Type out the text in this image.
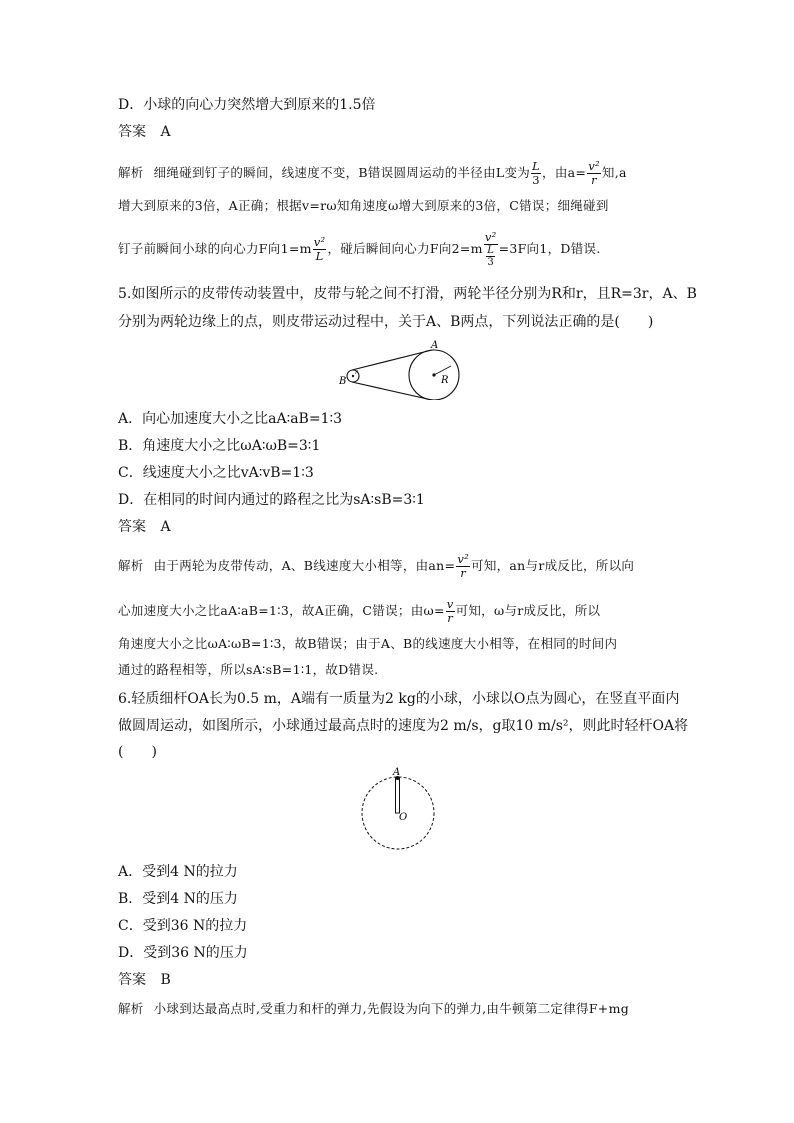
D．小球的向心力突然增大到原来的1.5倍
答案 A
解析 细绳碰到钉子的瞬间，线速度不变，B错误圆周运动的半径由L变为 $\frac{L}{3}$ ，由$a= \frac{\text{v²}}{r}$ 知,a
增大到原来的3倍，A正确；根据v=rω知角速度ω增大到原来的3倍，C错误；细绳碰到
钉子前瞬间小球的向心力F向$1=m \frac{\text{v²}}{L}$ ，碰后瞬间向心力F向$2=m \frac{\text{v²}}{\frac{L}{3}} =3F$向1，D错误.
5.如图所示的皮带传动装置中，皮带与轮之间不打滑，两轮半径分别为R和r，且R=3r，A、B
分别为两轮边缘上的点，则皮带运动过程中，关于A、B两点，下列说法正确的是(　　)
A
B	R
r
A．向心加速度大小之比aA∶aB=1∶3
B．角速度大小之比ωA∶ωB=3∶1
C．线速度大小之比vA∶vB=1∶3
D．在相同的时间内通过的路程之比为sA∶sB=3∶1
答案 A
解析 由于两轮为皮带传动，A、B线速度大小相等，由$an= \frac{\text{v²}}{r}$ 可知，an与r成反比，所以向
心加速度大小之比aA∶aB=1∶3，故A正确，C错误；由$\omega= \frac{v}{r}$ 可知，ω与r成反比，所以
角速度大小之比ωA∶ωB=1∶3，故B错误；由于A、B的线速度大小相等，在相同的时间内
通过的路程相等，所以sA∶sB=1∶1，故D错误.
6.轻质细杆OA长为0.5 m，A端有一质量为2 kg的小球，小球以O点为圆心，在竖直平面内
做圆周运动，如图所示，小球通过最高点时的速度为2 m/s，g取10 m/s²，则此时轻杆OA将
(　　)
A
O
A．受到4 N的拉力
B．受到4 N的压力
C．受到36 N的拉力
D．受到36 N的压力
答案 B
解析 小球到达最高点时,受重力和杆的弹力,先假设为向下的弹力,由牛顿第二定律得F+mg
